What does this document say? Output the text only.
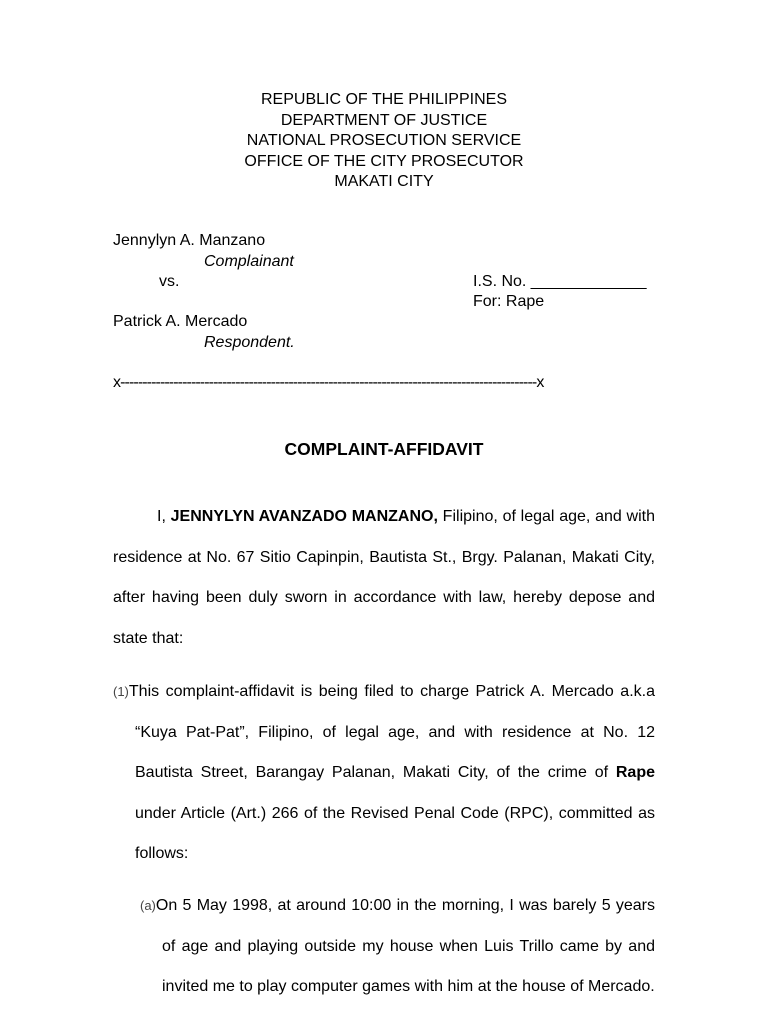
REPUBLIC OF THE PHILIPPINES
DEPARTMENT OF JUSTICE
NATIONAL PROSECUTION SERVICE
OFFICE OF THE CITY PROSECUTOR
MAKATI CITY
Jennylyn A. Manzano
Complainant
vs.	I.S. No. _____________
For: Rape
Patrick A. Mercado
Respondent.
x----------------------------------------------------------------------------------------------x
COMPLAINT-AFFIDAVIT
I, JENNYLYN AVANZADO MANZANO, Filipino, of legal age, and with residence at No. 67 Sitio Capinpin, Bautista St., Brgy. Palanan, Makati City, after having been duly sworn in accordance with law, hereby depose and state that:
(1)This complaint-affidavit is being filed to charge Patrick A. Mercado a.k.a “Kuya Pat-Pat”, Filipino, of legal age, and with residence at No. 12 Bautista Street, Barangay Palanan, Makati City, of the crime of Rape under Article (Art.) 266 of the Revised Penal Code (RPC), committed as follows:
(a)On 5 May 1998, at around 10:00 in the morning, I was barely 5 years of age and playing outside my house when Luis Trillo came by and invited me to play computer games with him at the house of Mercado.
